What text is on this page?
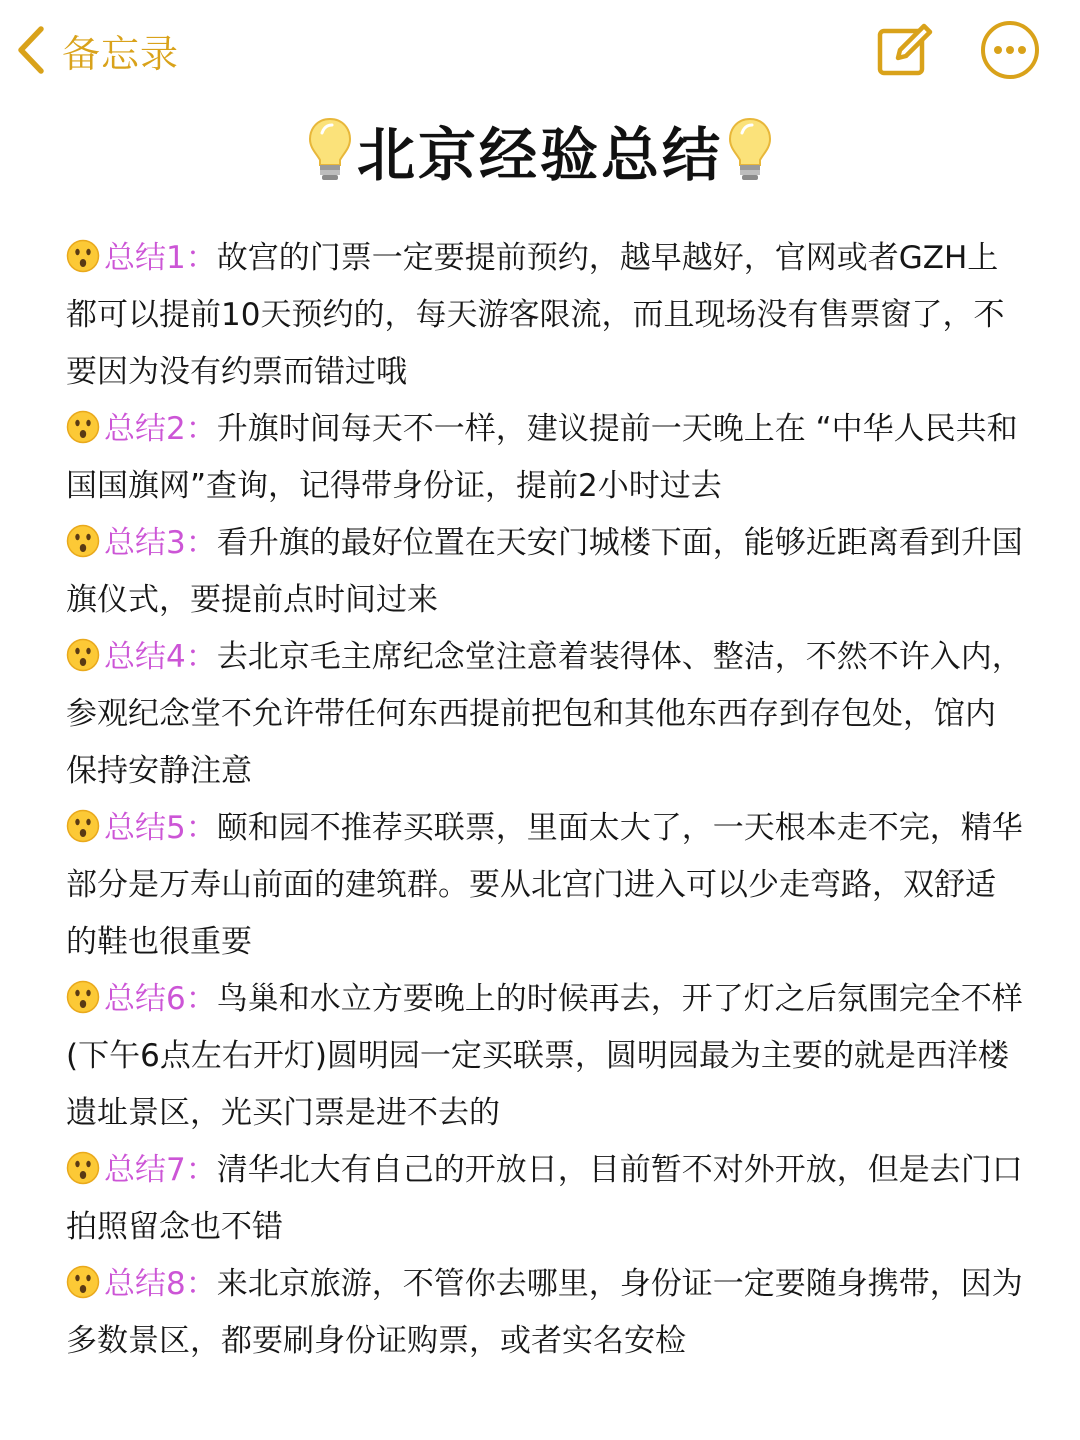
备忘录
北京经验总结

总结1：故宫的门票一定要提前预约，越早越好，官网或者GZH上都可以提前10天预约的，每天游客限流，而且现场没有售票窗了，不要因为没有约票而错过哦

总结2：升旗时间每天不一样，建议提前一天晚上在 “中华人民共和国国旗网”查询，记得带身份证，提前2小时过去

总结3：看升旗的最好位置在天安门城楼下面，能够近距离看到升国旗仪式，要提前点时间过来

总结4：去北京毛主席纪念堂注意着装得体、整洁，不然不许入内，参观纪念堂不允许带任何东西提前把包和其他东西存到存包处，馆内保持安静注意

总结5：颐和园不推荐买联票，里面太大了，一天根本走不完，精华部分是万寿山前面的建筑群。要从北宫门进入可以少走弯路，双舒适的鞋也很重要

总结6：鸟巢和水立方要晚上的时候再去，开了灯之后氛围完全不样(下午6点左右开灯)圆明园一定买联票，圆明园最为主要的就是西洋楼遗址景区，光买门票是进不去的

总结7：清华北大有自己的开放日，目前暂不对外开放，但是去门口拍照留念也不错

总结8：来北京旅游，不管你去哪里，身份证一定要随身携带，因为多数景区，都要刷身份证购票，或者实名安检
